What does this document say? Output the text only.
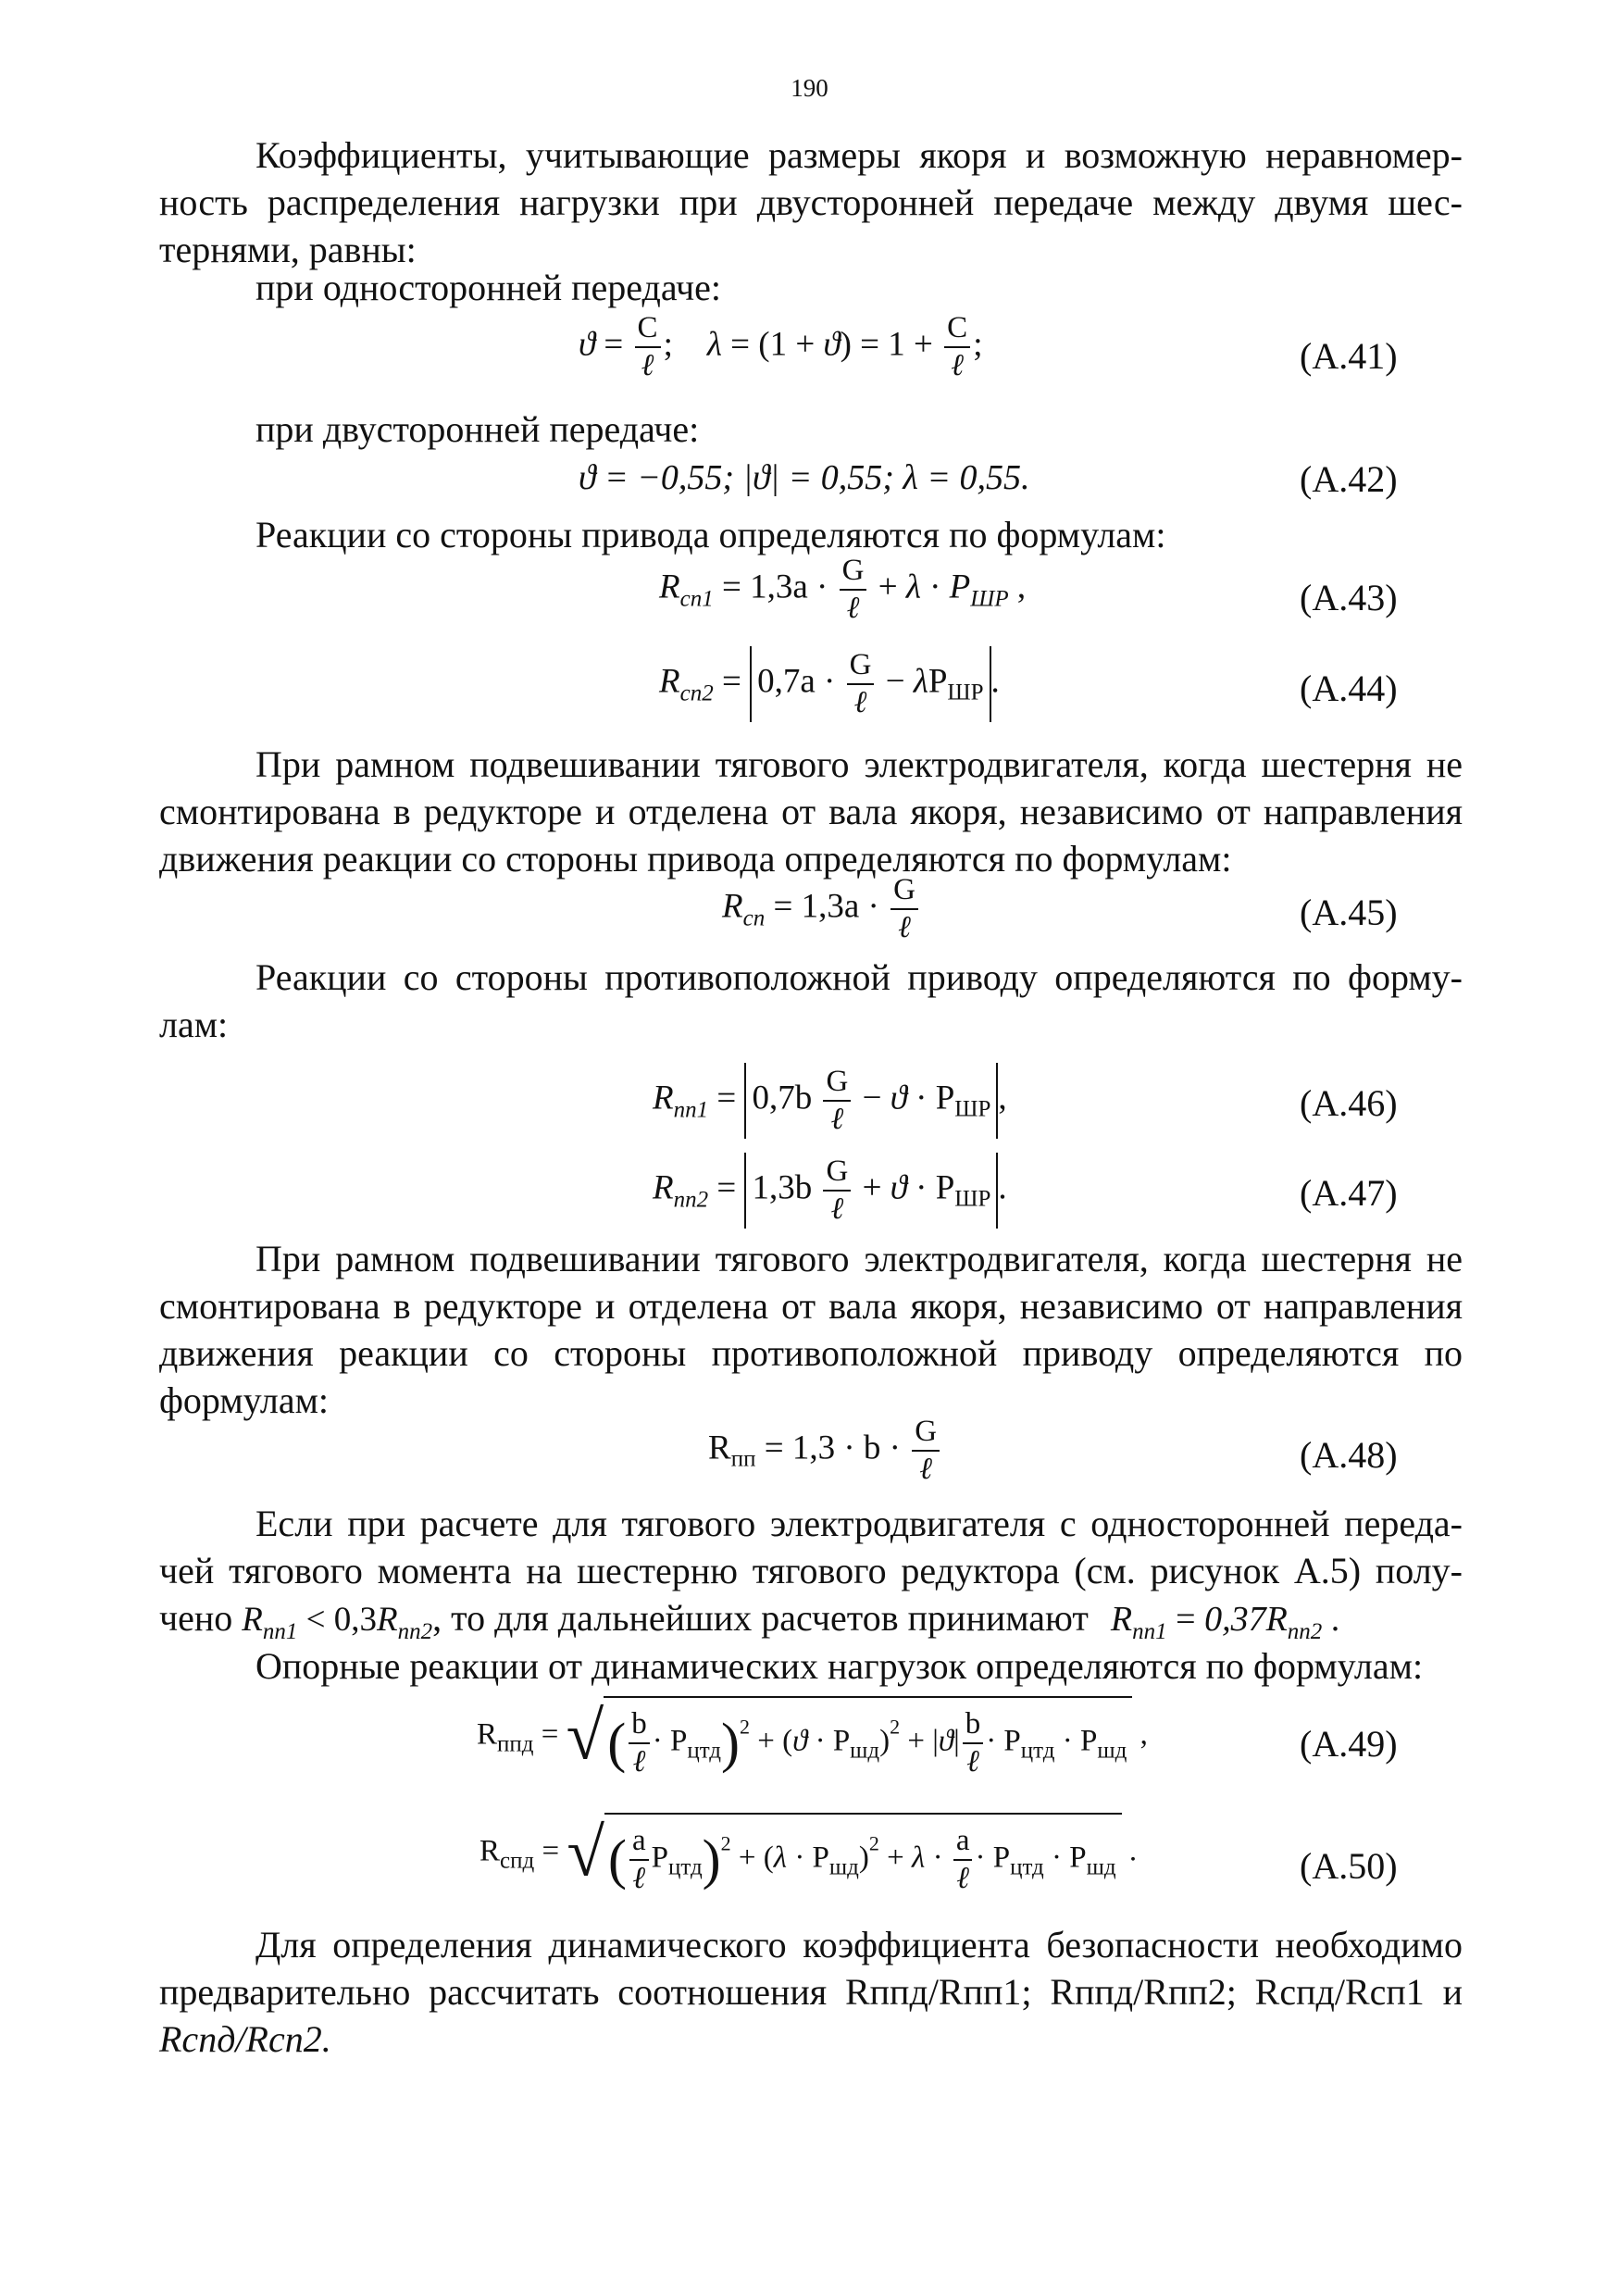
190
Коэффициенты, учитывающие размеры якоря и возможную неравномер-
ность распределения нагрузки при двусторонней передаче между двумя шес-
тернями, равны:
при односторонней передаче:
$ϑ = \frac{C}{\text{ℓ}}$ ;    $\lambda = (1 + ϑ) = 1 + \frac{C}{\text{ℓ}}$ ;	(А.41)
при двусторонней передаче:
ϑ = −0,55; |ϑ| = 0,55; λ = 0,55.	(А.42)
Реакции со стороны привода определяются по формулам:
$R_{сп1} = 1,3a \cdot \frac{G}{\text{ℓ}} + \lambda \cdot P_{ШР}$ ,	(А.43)
$R_{сп2} = 0,7a \cdot \frac{G}{\text{ℓ}} - \lambda P_{ШР}$ .	(А.44)
При рамном подвешивании тягового электродвигателя, когда шестерня не
смонтирована в редукторе и отделена от вала якоря, независимо от направления
движения реакции со стороны привода определяются по формулам:
$R_{сп} = 1,3a \cdot \frac{G}{\text{ℓ}}$	(А.45)
Реакции со стороны противоположной приводу определяются по форму-
лам:
$R_{пп1} = 0,7b \frac{G}{\text{ℓ}} - ϑ \cdot P_{ШР}$ ,	(А.46)
$R_{пп2} = 1,3b \frac{G}{\text{ℓ}} + ϑ \cdot P_{ШР}$ .	(А.47)
При рамном подвешивании тягового электродвигателя, когда шестерня не
смонтирована в редукторе и отделена от вала якоря, независимо от направления
движения реакции со стороны противоположной приводу определяются по
формулам:
$R_{пп} = 1,3 \cdot b \cdot \frac{G}{\text{ℓ}}$	(А.48)
Если при расчете для тягового электродвигателя с односторонней переда-
чей тягового момента на шестерню тягового редуктора (см. рисунок А.5) полу-
чено $R_{пп1} < 0,3R_{пп2}$, то для дальнейших расчетов принимают $R_{пп1} = 0,37R_{пп2}$ .
Опорные реакции от динамических нагрузок определяются по формулам:
$R_{ппд}$ = √( $\frac{b}{\text{ℓ}} \cdot P_{цтд})^2 + (ϑ \cdot P_{шд})^2 + |ϑ| \frac{b}{\text{ℓ}} \cdot P_{цтд} \cdot P_{шд}$ ,	(А.49)
$R_{спд}$ = √( $\frac{a}{\text{ℓ}} P_{цтд})^2 + (\lambda \cdot P_{шд})^2 + \lambda \cdot \frac{a}{\text{ℓ}} \cdot P_{цтд} \cdot P_{шд}$ .	(А.50)
Для определения динамического коэффициента безопасности необходимо
предварительно рассчитать соотношения Rппд/Rпп1; Rппд/Rпп2; Rспд/Rсп1 и
Rспд/Rсп2.
